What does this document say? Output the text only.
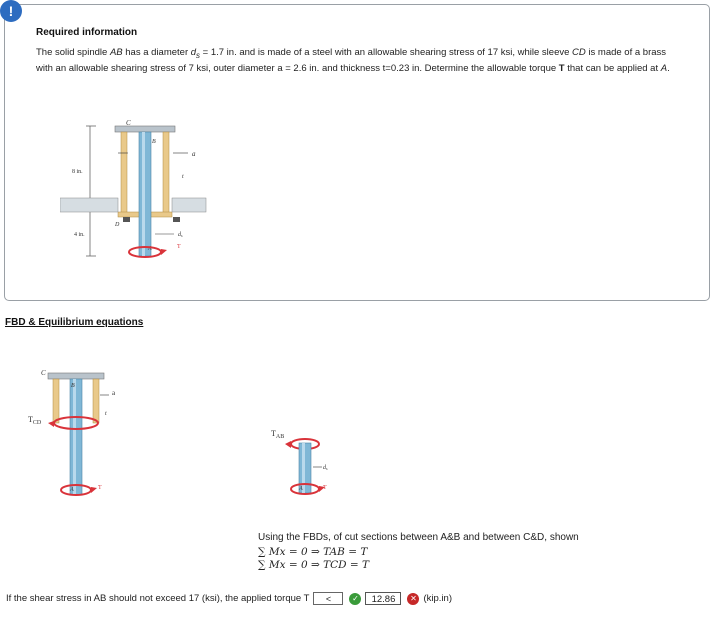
!
Required information
The solid spindle AB has a diameter $d_s = 1.7$ in. and is made of a steel with an allowable shearing stress of 17 ksi, while sleeve CD is made of a brass with an allowable shearing stress of 7 ksi, outer diameter a = 2.6 in. and thickness t=0.23 in. Determine the allowable torque T that can be applied at A.
8 in.
4 in.
C
B
a
t
D
ds
A	T
FBD & Equilibrium equations
C
B
a
t
$T_{CD}$
A	T
$T_{AB}$
ds
A	T
Using the FBDs, of cut sections between A&B and between C&D, shown
∑ Mx = 0 ⇒ TAB = T
∑ Mx = 0 ⇒ TCD = T
If the shear stress in AB should not exceed 17 (ksi), the applied torque T	<	✓	12.86	✕ (kip.in)
